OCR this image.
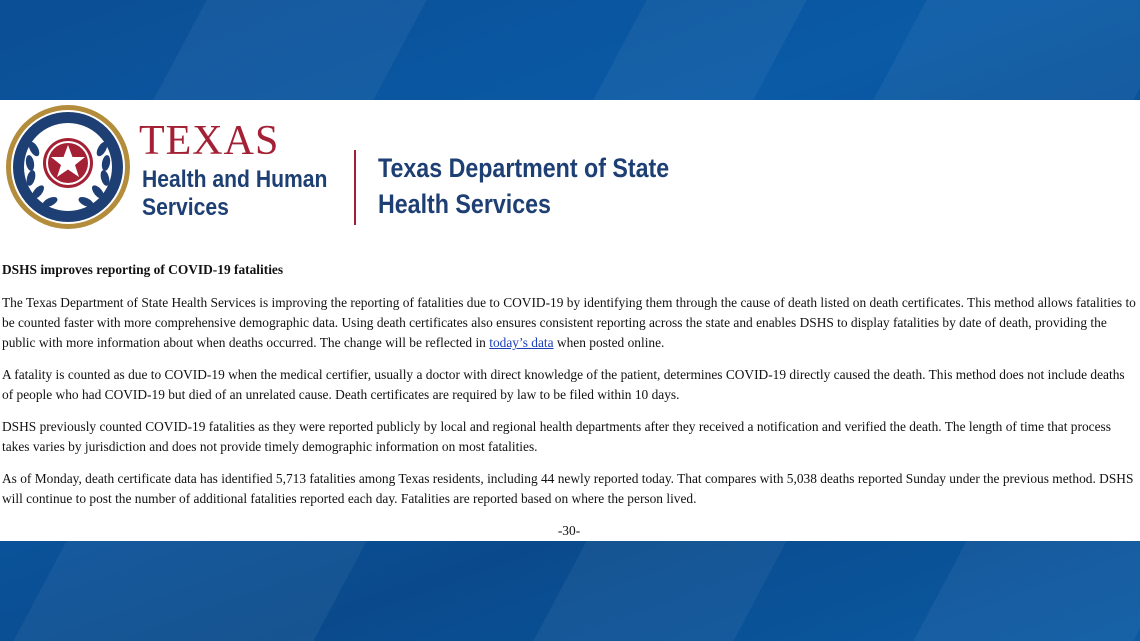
TEXAS
Health and Human
Services
Texas Department of State
Health Services
DSHS improves reporting of COVID-19 fatalities

The Texas Department of State Health Services is improving the reporting of fatalities due to COVID-19 by identifying them through the cause of death listed on death certificates. This method allows fatalities to be counted faster with more comprehensive demographic data. Using death certificates also ensures consistent reporting across the state and enables DSHS to display fatalities by date of death, providing the public with more information about when deaths occurred. The change will be reflected in today’s data when posted online.

A fatality is counted as due to COVID-19 when the medical certifier, usually a doctor with direct knowledge of the patient, determines COVID-19 directly caused the death. This method does not include deaths of people who had COVID-19 but died of an unrelated cause. Death certificates are required by law to be filed within 10 days.

DSHS previously counted COVID-19 fatalities as they were reported publicly by local and regional health departments after they received a notification and verified the death. The length of time that process takes varies by jurisdiction and does not provide timely demographic information on most fatalities.

As of Monday, death certificate data has identified 5,713 fatalities among Texas residents, including 44 newly reported today. That compares with 5,038 deaths reported Sunday under the previous method. DSHS will continue to post the number of additional fatalities reported each day. Fatalities are reported based on where the person lived.

-30-
